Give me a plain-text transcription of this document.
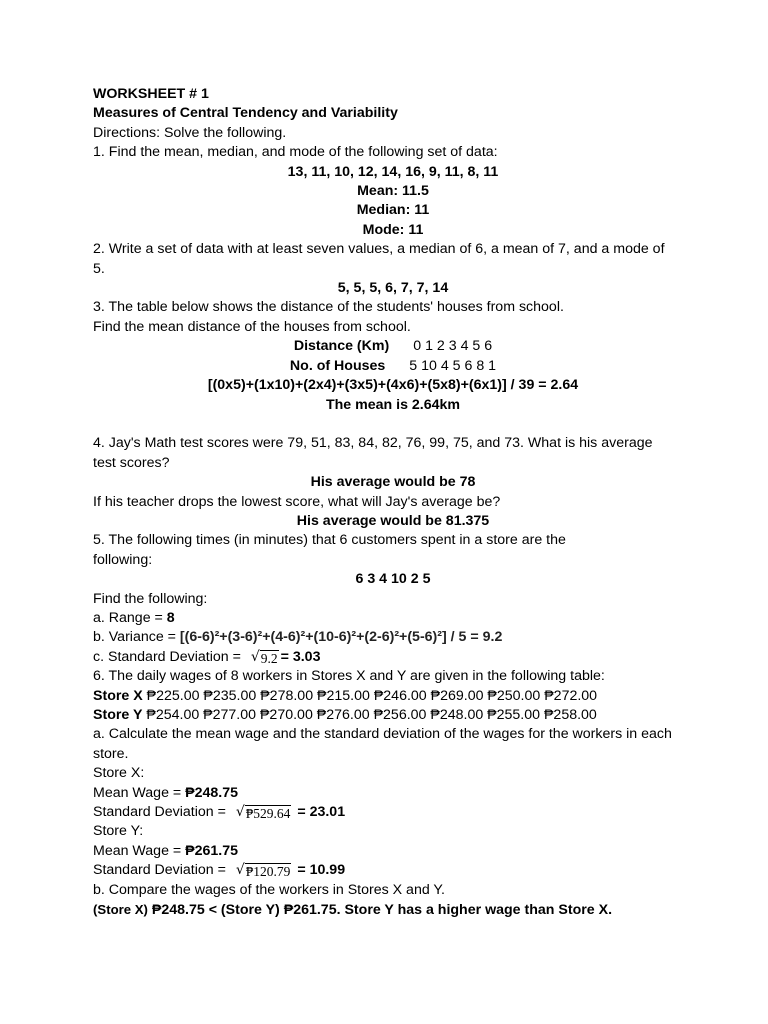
WORKSHEET # 1
Measures of Central Tendency and Variability
Directions: Solve the following.
1. Find the mean, median, and mode of the following set of data:
13, 11, 10, 12, 14, 16, 9, 11, 8, 11
Mean: 11.5
Median: 11
Mode: 11
2. Write a set of data with at least seven values, a median of 6, a mean of 7, and a mode of 5.
5, 5, 5, 6, 7, 7, 14
3. The table below shows the distance of the students' houses from school.
Find the mean distance of the houses from school.
Distance (Km) 0 1 2 3 4 5 6
No. of Houses 5 10 4 5 6 8 1
[(0x5)+(1x10)+(2x4)+(3x5)+(4x6)+(5x8)+(6x1)] / 39 = 2.64
The mean is 2.64km
4. Jay's Math test scores were 79, 51, 83, 84, 82, 76, 99, 75, and 73. What is his average test scores?
His average would be 78
If his teacher drops the lowest score, what will Jay's average be?
His average would be 81.375
5. The following times (in minutes) that 6 customers spent in a store are the following:
6 3 4 10 2 5
Find the following:
a. Range = 8
b. Variance = [(6-6)²+(3-6)²+(4-6)²+(10-6)²+(2-6)²+(5-6)²] / 5 = 9.2
c. Standard Deviation = √ 9.2 = 3.03
6. The daily wages of 8 workers in Stores X and Y are given in the following table:
Store X ₱225.00 ₱235.00 ₱278.00 ₱215.00 ₱246.00 ₱269.00 ₱250.00 ₱272.00
Store Y ₱254.00 ₱277.00 ₱270.00 ₱276.00 ₱256.00 ₱248.00 ₱255.00 ₱258.00
a. Calculate the mean wage and the standard deviation of the wages for the workers in each store.
Store X:
Mean Wage = ₱248.75
Standard Deviation = √ ₱529.64 = 23.01
Store Y:
Mean Wage = ₱261.75
Standard Deviation = √ ₱120.79 = 10.99
b. Compare the wages of the workers in Stores X and Y.
(Store X) ₱248.75 < (Store Y) ₱261.75. Store Y has a higher wage than Store X.
